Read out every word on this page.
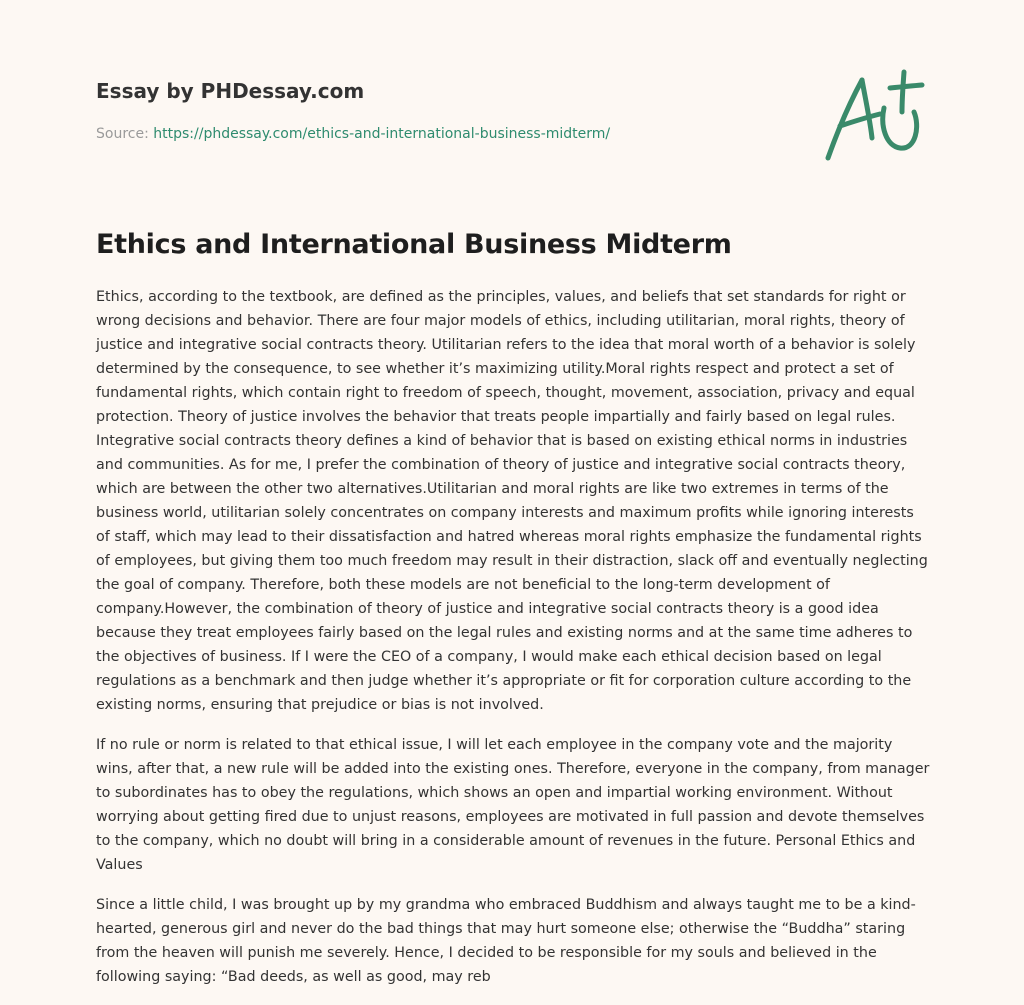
Essay by PHDessay.com
Source: https://phdessay.com/ethics-and-international-business-midterm/
Ethics and International Business Midterm

Ethics, according to the textbook, are defined as the principles, values, and beliefs that set standards for right or wrong decisions and behavior. There are four major models of ethics, including utilitarian, moral rights, theory of justice and integrative social contracts theory. Utilitarian refers to the idea that moral worth of a behavior is solely determined by the consequence, to see whether it’s maximizing utility.Moral rights respect and protect a set of fundamental rights, which contain right to freedom of speech, thought, movement, association, privacy and equal protection. Theory of justice involves the behavior that treats people impartially and fairly based on legal rules. Integrative social contracts theory defines a kind of behavior that is based on existing ethical norms in industries and communities. As for me, I prefer the combination of theory of justice and integrative social contracts theory, which are between the other two alternatives.Utilitarian and moral rights are like two extremes in terms of the business world, utilitarian solely concentrates on company interests and maximum profits while ignoring interests of staff, which may lead to their dissatisfaction and hatred whereas moral rights emphasize the fundamental rights of employees, but giving them too much freedom may result in their distraction, slack off and eventually neglecting the goal of company. Therefore, both these models are not beneficial to the long-term development of company.However, the combination of theory of justice and integrative social contracts theory is a good idea because they treat employees fairly based on the legal rules and existing norms and at the same time adheres to the objectives of business. If I were the CEO of a company, I would make each ethical decision based on legal regulations as a benchmark and then judge whether it’s appropriate or fit for corporation culture according to the existing norms, ensuring that prejudice or bias is not involved.

If no rule or norm is related to that ethical issue, I will let each employee in the company vote and the majority wins, after that, a new rule will be added into the existing ones. Therefore, everyone in the company, from manager to subordinates has to obey the regulations, which shows an open and impartial working environment. Without worrying about getting fired due to unjust reasons, employees are motivated in full passion and devote themselves to the company, which no doubt will bring in a considerable amount of revenues in the future. Personal Ethics and Values

Since a little child, I was brought up by my grandma who embraced Buddhism and always taught me to be a kind-hearted, generous girl and never do the bad things that may hurt someone else; otherwise the “Buddha” staring from the heaven will punish me severely. Hence, I decided to be responsible for my souls and believed in the following saying: “Bad deeds, as well as good, may reb
